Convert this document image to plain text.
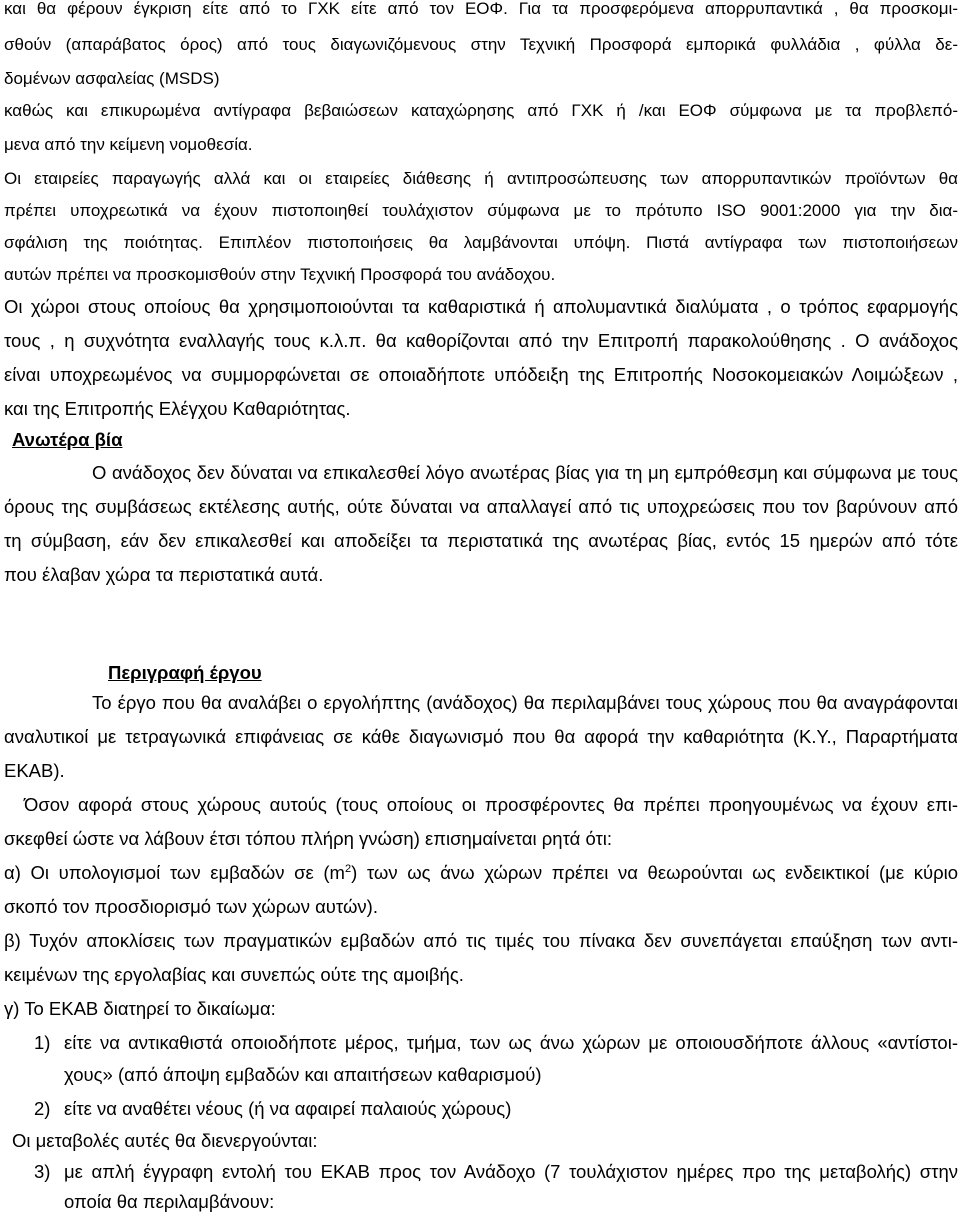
και θα φέρουν έγκριση είτε από το ΓΧΚ είτε από τον ΕΟΦ. Για τα προσφερόμενα απορρυπαντικά , θα προσκομι-
σθούν (απαράβατος όρος) από τους διαγωνιζόμενους στην Τεχνική Προσφορά εμπορικά φυλλάδια , φύλλα δε-
δομένων ασφαλείας (MSDS)
καθώς και επικυρωμένα αντίγραφα βεβαιώσεων καταχώρησης από ΓΧΚ ή /και ΕΟΦ σύμφωνα με τα προβλεπό-
μενα από την κείμενη νομοθεσία.
Οι εταιρείες παραγωγής αλλά και οι εταιρείες διάθεσης ή αντιπροσώπευσης των απορρυπαντικών προϊόντων θα
πρέπει υποχρεωτικά να έχουν πιστοποιηθεί τουλάχιστον σύμφωνα με το πρότυπο ISO 9001:2000 για την δια-
σφάλιση της ποιότητας. Επιπλέον πιστοποιήσεις θα λαμβάνονται υπόψη. Πιστά αντίγραφα των πιστοποιήσεων
αυτών πρέπει να προσκομισθούν στην Τεχνική Προσφορά του ανάδοχου.
Οι χώροι στους οποίους θα χρησιμοποιούνται τα καθαριστικά ή απολυμαντικά διαλύματα , ο τρόπος εφαρμογής
τους , η συχνότητα εναλλαγής τους κ.λ.π. θα καθορίζονται από την Επιτροπή παρακολούθησης . Ο ανάδοχος
είναι υποχρεωμένος να συμμορφώνεται σε οποιαδήποτε υπόδειξη της Επιτροπής Νοσοκομειακών Λοιμώξεων ,
και της Επιτροπής Ελέγχου Καθαριότητας.
Ανωτέρα βία
Ο ανάδοχος δεν δύναται να επικαλεσθεί λόγο ανωτέρας βίας για τη μη εμπρόθεσμη και σύμφωνα με τους
όρους της συμβάσεως εκτέλεσης αυτής, ούτε δύναται να απαλλαγεί από τις υποχρεώσεις που τον βαρύνουν από
τη σύμβαση, εάν δεν επικαλεσθεί και αποδείξει τα περιστατικά της ανωτέρας βίας, εντός 15 ημερών από τότε
που έλαβαν χώρα τα περιστατικά αυτά.
Περιγραφή έργου
Το έργο που θα αναλάβει ο εργολήπτης (ανάδοχος) θα περιλαμβάνει τους χώρους που θα αναγράφονται
αναλυτικοί με τετραγωνικά επιφάνειας σε κάθε διαγωνισμό που θα αφορά την καθαριότητα (Κ.Υ., Παραρτήματα
ΕΚΑΒ).
Όσον αφορά στους χώρους αυτούς (τους οποίους οι προσφέροντες θα πρέπει προηγουμένως να έχουν επι-
σκεφθεί ώστε να λάβουν έτσι τόπου πλήρη γνώση) επισημαίνεται ρητά ότι:
α) Οι υπολογισμοί των εμβαδών σε $(m^2)$ των ως άνω χώρων πρέπει να θεωρούνται ως ενδεικτικοί (με κύριο
σκοπό τον προσδιορισμό των χώρων αυτών).
β) Τυχόν αποκλίσεις των πραγματικών εμβαδών από τις τιμές του πίνακα δεν συνεπάγεται επαύξηση των αντι-
κειμένων της εργολαβίας και συνεπώς ούτε της αμοιβής.
γ) Το ΕΚΑΒ διατηρεί το δικαίωμα:
1) είτε να αντικαθιστά οποιοδήποτε μέρος, τμήμα, των ως άνω χώρων με οποιουσδήποτε άλλους «αντίστοι-
χους» (από άποψη εμβαδών και απαιτήσεων καθαρισμού)
2) είτε να αναθέτει νέους (ή να αφαιρεί παλαιούς χώρους)
Οι μεταβολές αυτές θα διενεργούνται:
3) με απλή έγγραφη εντολή του ΕΚΑΒ προς τον Ανάδοχο (7 τουλάχιστον ημέρες προ της μεταβολής) στην
οποία θα περιλαμβάνουν:
